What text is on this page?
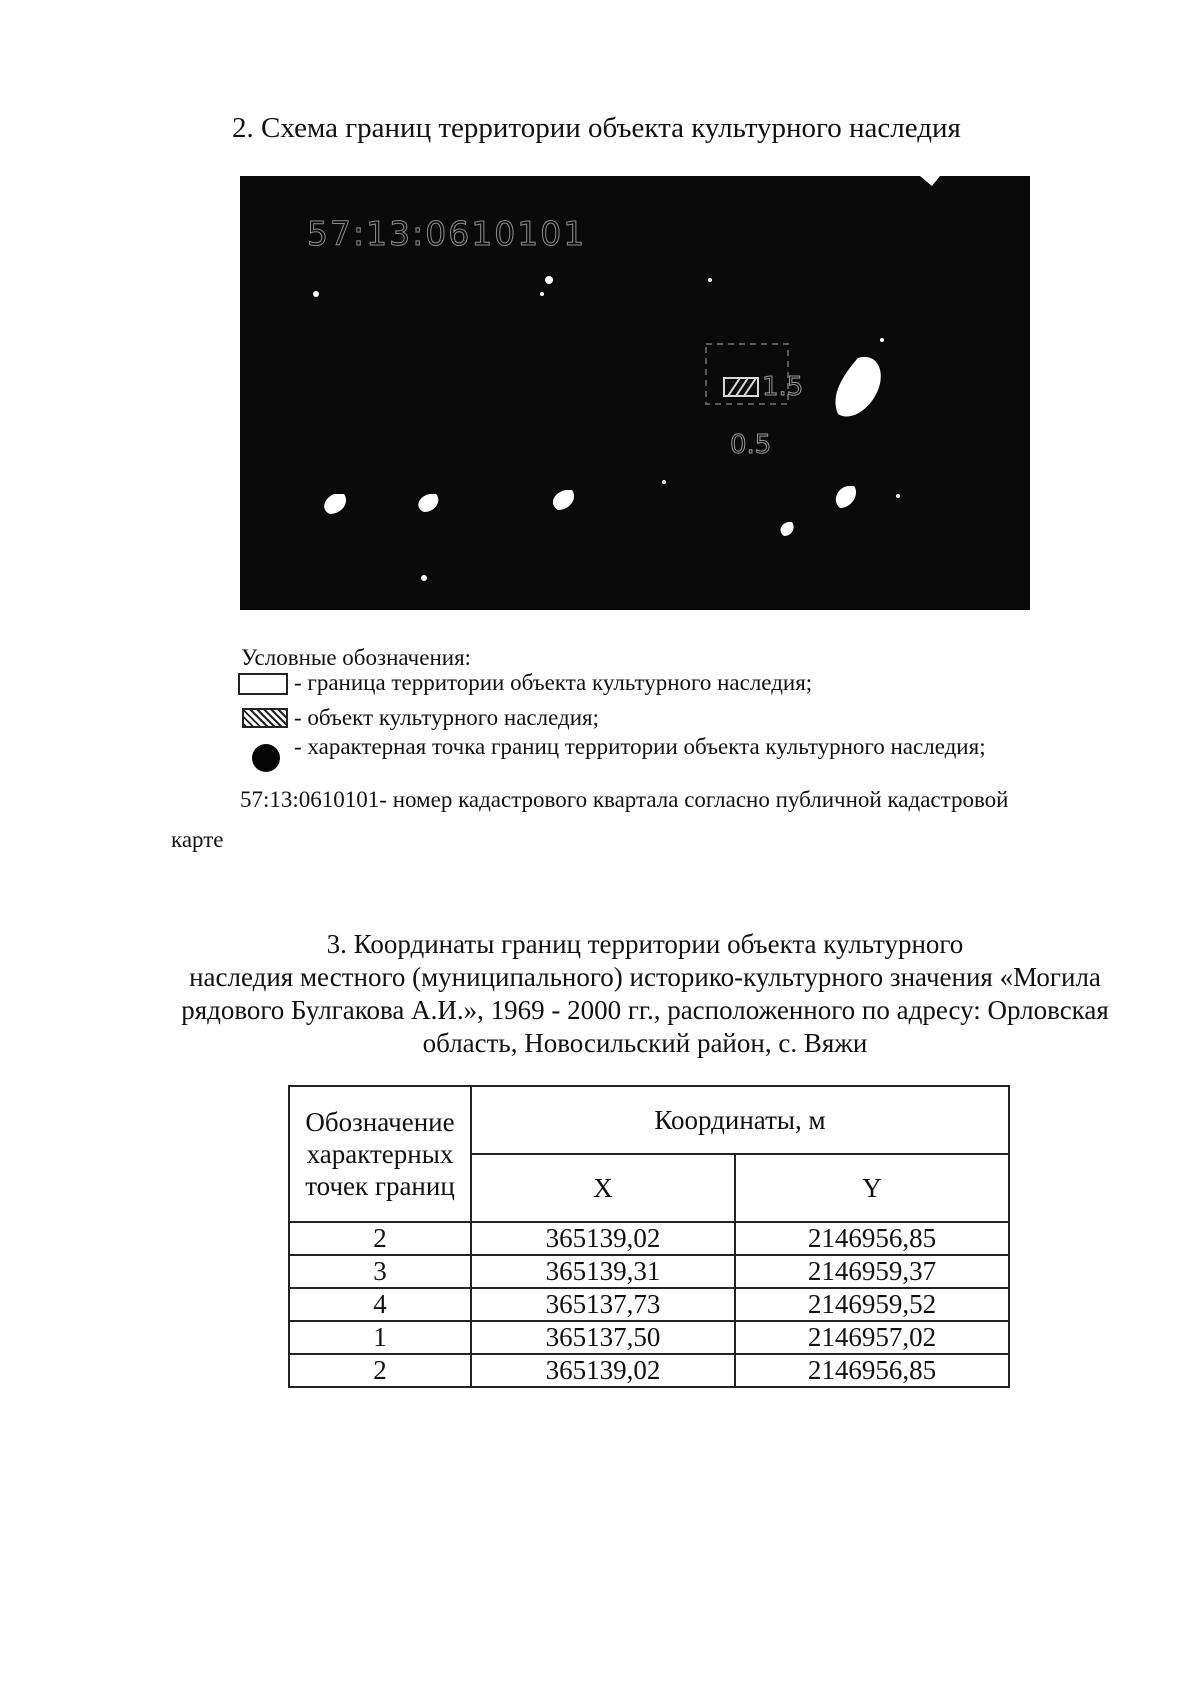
2. Схема границ территории объекта культурного наследия
57:13:0610101
1.5
0.5
Условные обозначения:
- граница территории объекта культурного наследия;
- объект культурного наследия;
- характерная точка границ территории объекта культурного наследия;
57:13:0610101- номер кадастрового квартала согласно публичной кадастровой
карте
3. Координаты границ территории объекта культурного
наследия местного (муниципального) историко-культурного значения «Могила
рядового Булгакова А.И.», 1969 - 2000 гг., расположенного по адресу: Орловская
область, Новосильский район, с. Вяжи
Обозначение характерных точек границ	Координаты, м	
	X	Y
2	365139,02	2146956,85
3	365139,31	2146959,37
4	365137,73	2146959,52
1	365137,50	2146957,02
2	365139,02	2146956,85
